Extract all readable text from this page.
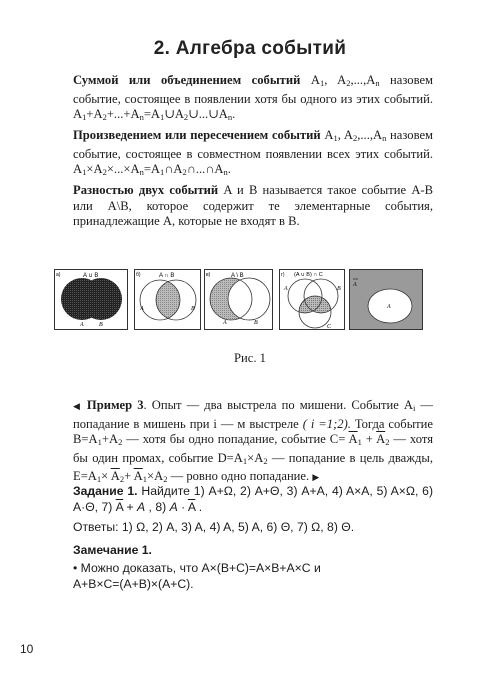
2. Алгебра событий

Суммой или объединением событий $A_1$, $A_2,...,A_n$ назовем событие, состоящее в появлении хотя бы одного из этих событий. $A_1+A_2+...+A_n=A_1\cup A_2\cup...\cup A_n$.

Произведением или пересечением событий $A_1$, $A_2,...,A_n$ назовем событие, состоящее в совместном появлении всех этих событий. $A_1\times A_2\times...\times A_n=A_1\cap A_2\cap...\cap A_n$.

Разностью двух событий A и B называется такое событие A-B или A\B, которое содержит те элементарные события, принадлежащие A, которые не входят в B.

а)	A ∪ B
A	B
б)	A ∩ B
A	B
в)	A \ B
A	B
г) (A ∪ B) ∩ C
A	B
C
A
A
Рис. 1

◀ Пример 3. Опыт — два выстрела по мишени. Событие $A_i$ — попадание в мишень при i — м выстреле ( i =1;2). Тогда событие $B=A_1+A_2$ — хотя бы одно попадание, событие $C= \overline{A}_1 + \overline{A}_2$ — хотя бы один промах, событие $D=A_1\times A_2$ — попадание в цель дважды, $E=A_1\times \overline{A}_2+ \overline{A}_1\times A_2$ — ровно одно попадание. ▶

Задание 1. Найдите 1) A+Ω, 2) A+Θ, 3) A+A, 4) A×A, 5) A×Ω, 6) A·Θ, 7) $\overline{A} + A$ , 8) $A \cdot \overline{A}$ .

Ответы: 1) Ω, 2) A, 3) A, 4) A, 5) A, 6) Θ, 7) Ω, 8) Θ.

Замечание 1.

• Можно доказать, что A×(B+C)=A×B+A×C и
A+B×C=(A+B)×(A+C).

10
